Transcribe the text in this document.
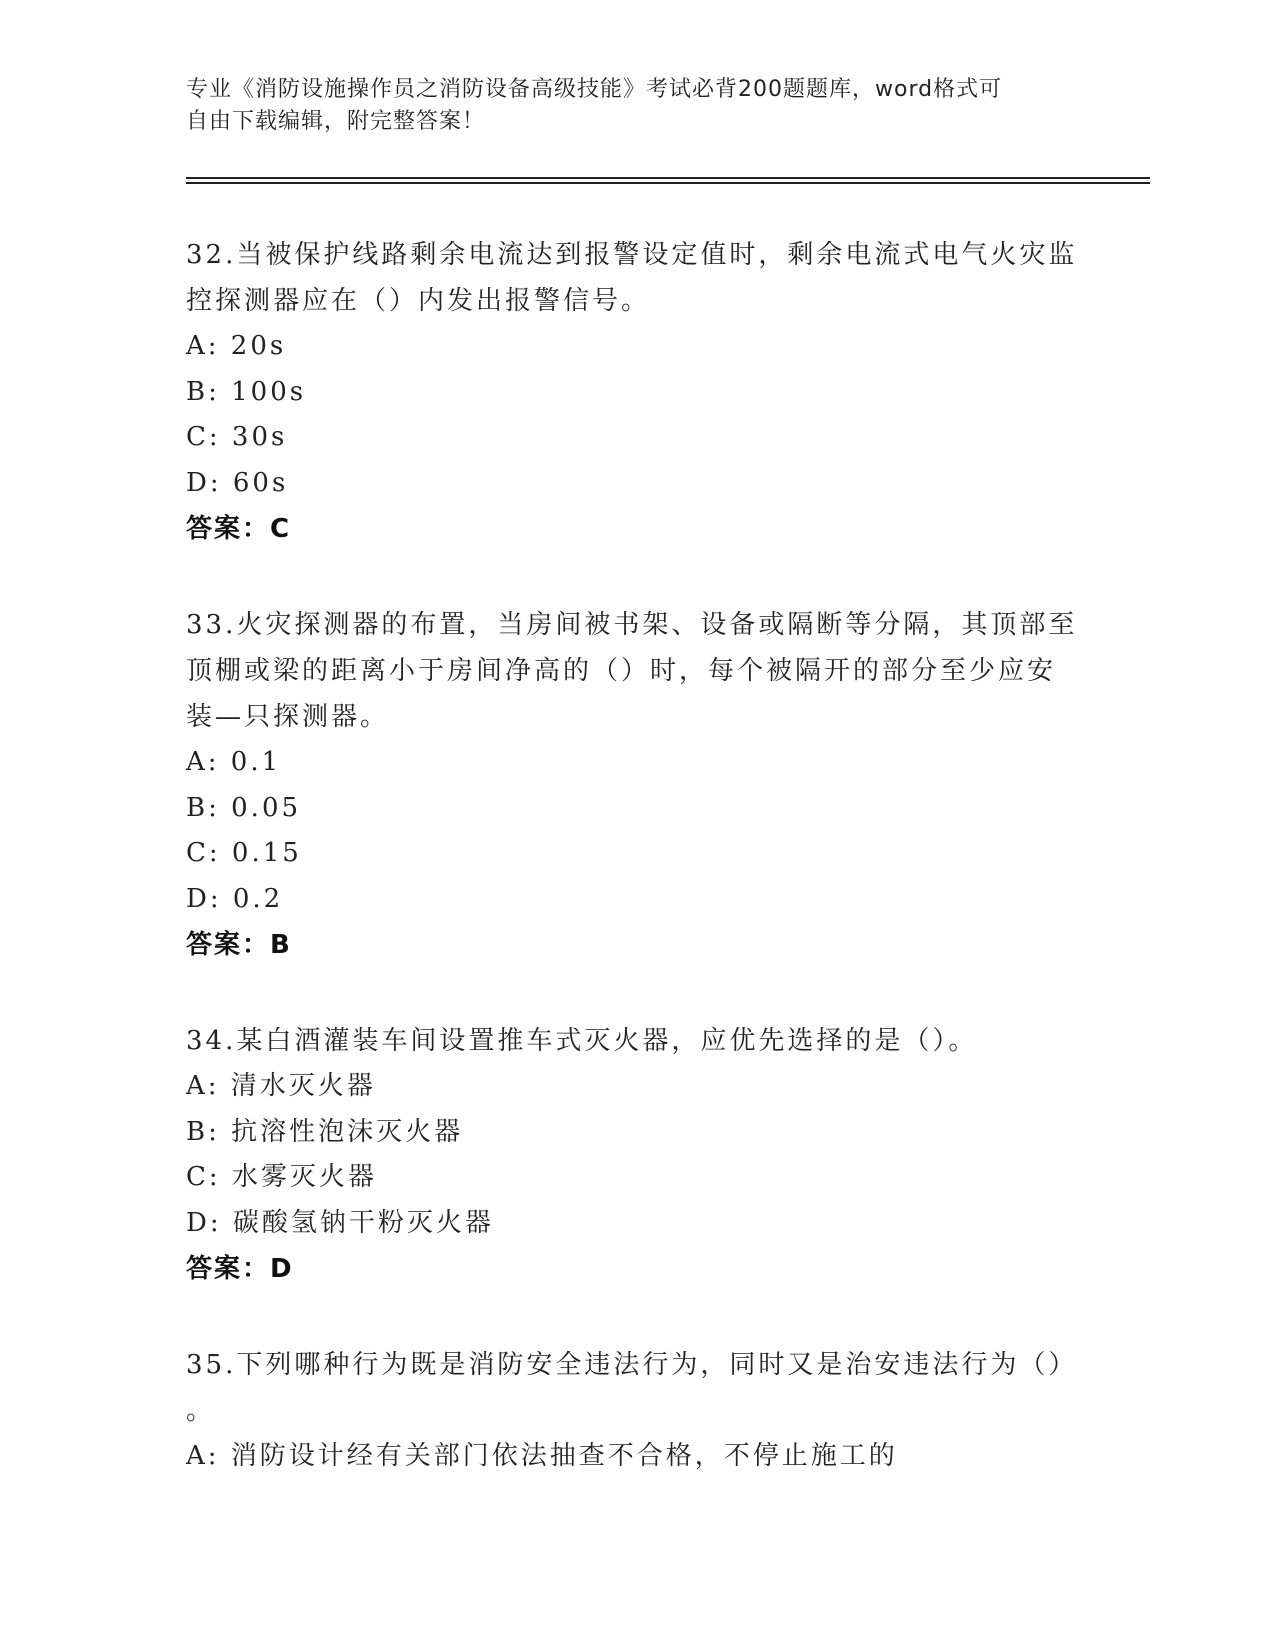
专业《消防设施操作员之消防设备高级技能》考试必背200题题库，word格式可
自由下载编辑，附完整答案！
32.当被保护线路剩余电流达到报警设定值时，剩余电流式电气火灾监
控探测器应在（）内发出报警信号。
A: 20s
B: 100s
C: 30s
D: 60s
答案：C
33.火灾探测器的布置，当房间被书架、设备或隔断等分隔，其顶部至
顶棚或梁的距离小于房间净高的（）时，每个被隔开的部分至少应安
装—只探测器。
A: 0.1
B: 0.05
C: 0.15
D: 0.2
答案：B
34.某白酒灌装车间设置推车式灭火器，应优先选择的是（）。
A: 清水灭火器
B: 抗溶性泡沫灭火器
C: 水雾灭火器
D: 碳酸氢钠干粉灭火器
答案：D
35.下列哪种行为既是消防安全违法行为，同时又是治安违法行为（）
。
A: 消防设计经有关部门依法抽查不合格，不停止施工的
